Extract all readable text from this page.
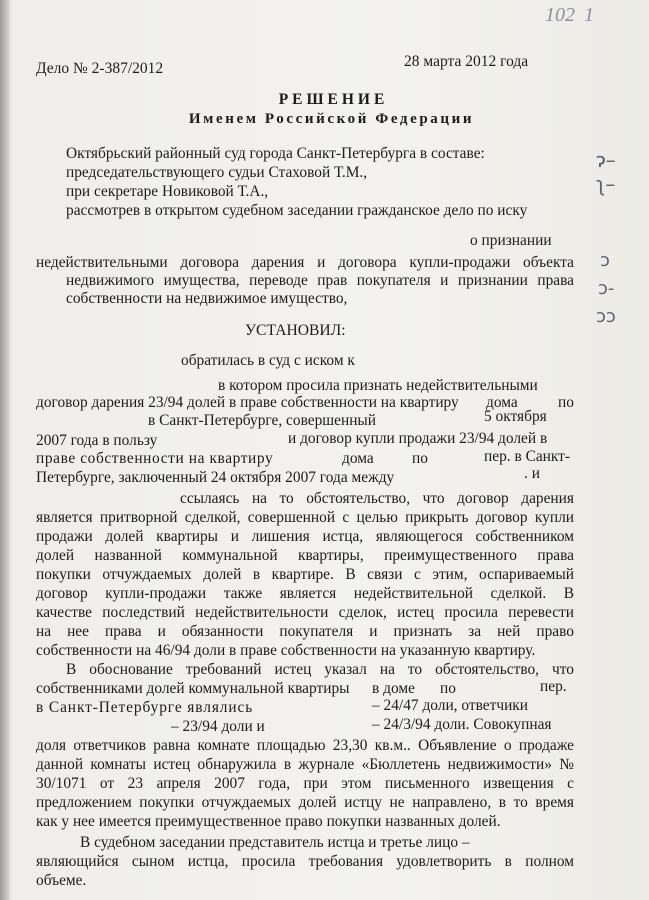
102 1
Дело № 2-387/2012	28 марта 2012 года
РЕШЕНИЕ
Именем Российской Федерации
Октябрьский районный суд города Санкт-Петербурга в составе:
председательствующего судьи Стаховой Т.М.,
при секретаре Новиковой Т.А.,
рассмотрев в открытом судебном заседании гражданское дело по иску
о признании
недействительными договора дарения и договора купли-продажи объекта
недвижимого имущества, переводе прав покупателя и признании права
собственности на недвижимое имущество,
УСТАНОВИЛ:
обратилась в суд с иском к
в котором просила признать недействительными
договор дарения 23/94 долей в праве собственности на квартиру дома	по
в Санкт-Петербурге, совершенный	5 октября
2007 года в пользу	и договор купли продажи 23/94 долей в
праве собственности на квартиру	дома по	пер. в Санкт-
Петербурге, заключенный 24 октября 2007 года между	. и
ссылаясь на то обстоятельство, что договор дарения
является притворной сделкой, совершенной с целью прикрыть договор купли
продажи долей квартиры и лишения истца, являющегося собственником
долей названной коммунальной квартиры, преимущественного права
покупки отчуждаемых долей в квартире. В связи с этим, оспариваемый
договор купли-продажи также является недействительной сделкой. В
качестве последствий недействительности сделок, истец просила перевести
на нее права и обязанности покупателя и признать за ней право
собственности на 46/94 доли в праве собственности на указанную квартиру.
В обоснование требований истец указал на то обстоятельство, что
собственниками долей коммунальной квартиры в доме по	пер.
в Санкт-Петербурге являлись	– 24/47 доли, ответчики
– 23/94 доли и	– 24/3/94 доли. Совокупная
доля ответчиков равна комнате площадью 23,30 кв.м.. Объявление о продаже
данной комнаты истец обнаружила в журнале «Бюллетень недвижимости» №
30/1071 от 23 апреля 2007 года, при этом письменного извещения с
предложением покупки отчуждаемых долей истцу не направлено, в то время
как у нее имеется преимущественное право покупки названных долей.
В судебном заседании представитель истца и третье лицо –
являющийся сыном истца, просила требования удовлетворить в полном
объеме.
ɂ–
ʅ–
ɔ
ɔ-
ɔɔ
